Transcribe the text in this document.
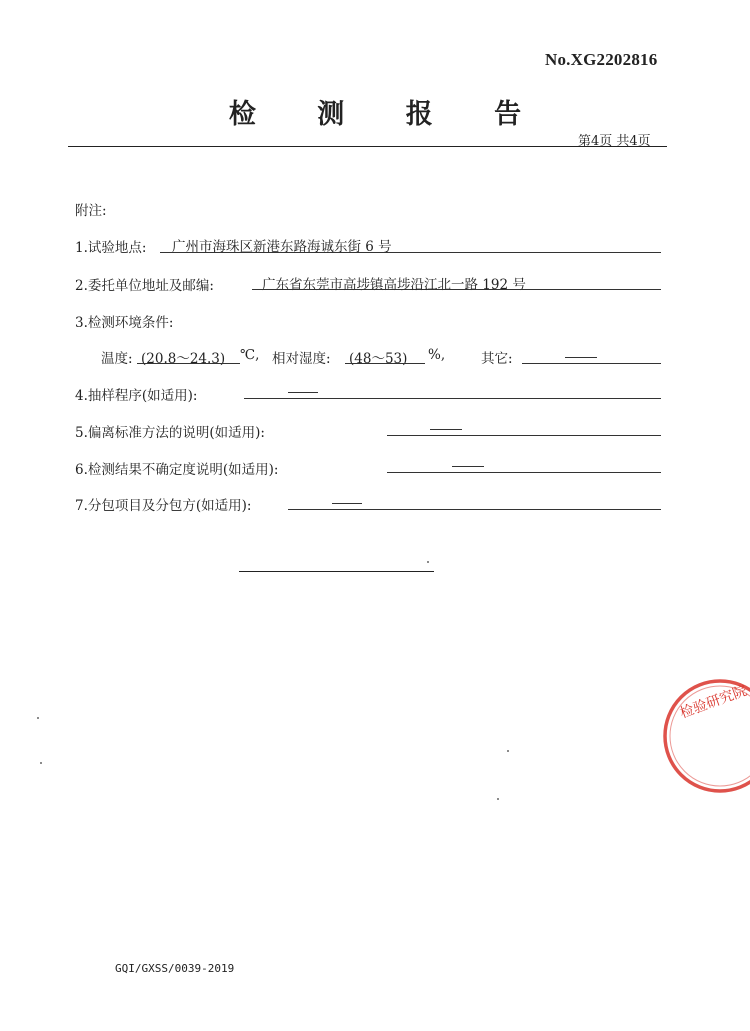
No.XG2202816
检 测 报 告
第4页 共4页
附注:
1.试验地点: 广州市海珠区新港东路海诚东街 6 号
2.委托单位地址及邮编:	广东省东莞市高埗镇高埗沿江北一路 192 号
3.检测环境条件:
温度: (20.8～24.3) ℃, 相对湿度: (48～53) %,	其它:
4.抽样程序(如适用):
5.偏离标准方法的说明(如适用):
6.检测结果不确定度说明(如适用):
7.分包项目及分包方(如适用):
检验研究院
GQI/GXSS/0039-2019
